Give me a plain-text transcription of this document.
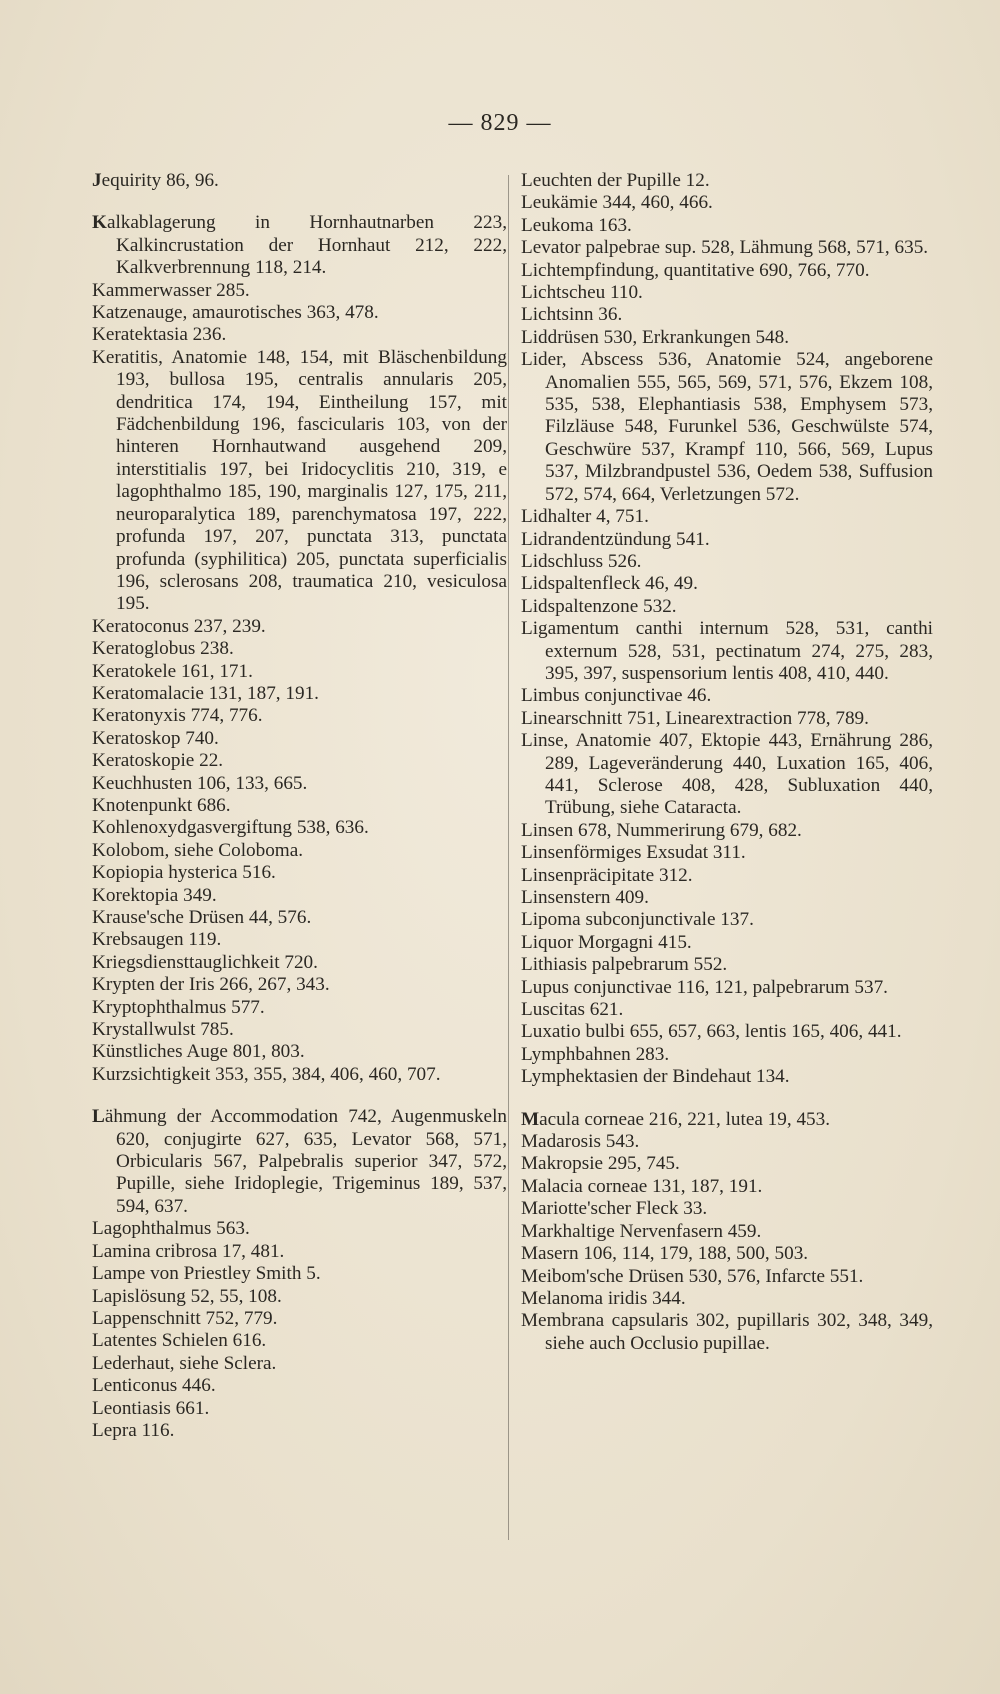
— 829 —
Jequirity 86, 96.
Kalkablagerung in Hornhautnarben 223, Kalkincrustation der Hornhaut 212, 222, Kalkverbrennung 118, 214.
Kammerwasser 285.
Katzenauge, amaurotisches 363, 478.
Keratektasia 236.
Keratitis, Anatomie 148, 154, mit Bläschenbildung 193, bullosa 195, centralis annularis 205, dendritica 174, 194, Eintheilung 157, mit Fädchenbildung 196, fascicularis 103, von der hinteren Hornhautwand ausgehend 209, interstitialis 197, bei Iridocyclitis 210, 319, e lagophthalmo 185, 190, marginalis 127, 175, 211, neuroparalytica 189, parenchymatosa 197, 222, profunda 197, 207, punctata 313, punctata profunda (syphilitica) 205, punctata superficialis 196, sclerosans 208, traumatica 210, vesiculosa 195.
Keratoconus 237, 239.
Keratoglobus 238.
Keratokele 161, 171.
Keratomalacie 131, 187, 191.
Keratonyxis 774, 776.
Keratoskop 740.
Keratoskopie 22.
Keuchhusten 106, 133, 665.
Knotenpunkt 686.
Kohlenoxydgasvergiftung 538, 636.
Kolobom, siehe Coloboma.
Kopiopia hysterica 516.
Korektopia 349.
Krause'sche Drüsen 44, 576.
Krebsaugen 119.
Kriegsdiensttauglichkeit 720.
Krypten der Iris 266, 267, 343.
Kryptophthalmus 577.
Krystallwulst 785.
Künstliches Auge 801, 803.
Kurzsichtigkeit 353, 355, 384, 406, 460, 707.
Lähmung der Accommodation 742, Augenmuskeln 620, conjugirte 627, 635, Levator 568, 571, Orbicularis 567, Palpebralis superior 347, 572, Pupille, siehe Iridoplegie, Trigeminus 189, 537, 594, 637.
Lagophthalmus 563.
Lamina cribrosa 17, 481.
Lampe von Priestley Smith 5.
Lapislösung 52, 55, 108.
Lappenschnitt 752, 779.
Latentes Schielen 616.
Lederhaut, siehe Sclera.
Lenticonus 446.
Leontiasis 661.
Lepra 116.
Leuchten der Pupille 12.
Leukämie 344, 460, 466.
Leukoma 163.
Levator palpebrae sup. 528, Lähmung 568, 571, 635.
Lichtempfindung, quantitative 690, 766, 770.
Lichtscheu 110.
Lichtsinn 36.
Liddrüsen 530, Erkrankungen 548.
Lider, Abscess 536, Anatomie 524, angeborene Anomalien 555, 565, 569, 571, 576, Ekzem 108, 535, 538, Elephantiasis 538, Emphysem 573, Filzläuse 548, Furunkel 536, Geschwülste 574, Geschwüre 537, Krampf 110, 566, 569, Lupus 537, Milzbrandpustel 536, Oedem 538, Suffusion 572, 574, 664, Verletzungen 572.
Lidhalter 4, 751.
Lidrandentzündung 541.
Lidschluss 526.
Lidspaltenfleck 46, 49.
Lidspaltenzone 532.
Ligamentum canthi internum 528, 531, canthi externum 528, 531, pectinatum 274, 275, 283, 395, 397, suspensorium lentis 408, 410, 440.
Limbus conjunctivae 46.
Linearschnitt 751, Linearextraction 778, 789.
Linse, Anatomie 407, Ektopie 443, Ernährung 286, 289, Lageveränderung 440, Luxation 165, 406, 441, Sclerose 408, 428, Subluxation 440, Trübung, siehe Cataracta.
Linsen 678, Nummerirung 679, 682.
Linsenförmiges Exsudat 311.
Linsenpräcipitate 312.
Linsenstern 409.
Lipoma subconjunctivale 137.
Liquor Morgagni 415.
Lithiasis palpebrarum 552.
Lupus conjunctivae 116, 121, palpebrarum 537.
Luscitas 621.
Luxatio bulbi 655, 657, 663, lentis 165, 406, 441.
Lymphbahnen 283.
Lymphektasien der Bindehaut 134.
Macula corneae 216, 221, lutea 19, 453.
Madarosis 543.
Makropsie 295, 745.
Malacia corneae 131, 187, 191.
Mariotte'scher Fleck 33.
Markhaltige Nervenfasern 459.
Masern 106, 114, 179, 188, 500, 503.
Meibom'sche Drüsen 530, 576, Infarcte 551.
Melanoma iridis 344.
Membrana capsularis 302, pupillaris 302, 348, 349, siehe auch Occlusio pupillae.
